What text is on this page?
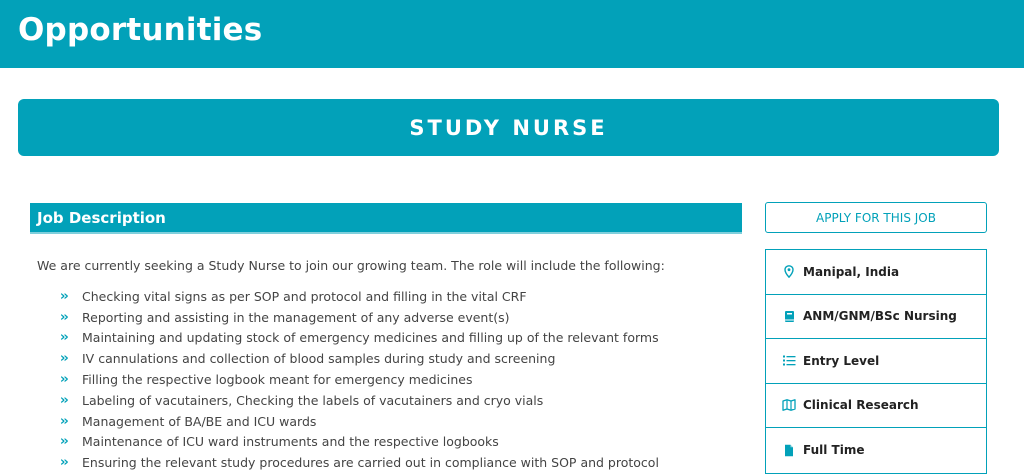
Opportunities
STUDY NURSE
Job Description
We are currently seeking a Study Nurse to join our growing team. The role will include the following:
››	Checking vital signs as per SOP and protocol and filling in the vital CRF
››	Reporting and assisting in the management of any adverse event(s)
››	Maintaining and updating stock of emergency medicines and filling up of the relevant forms
››	IV cannulations and collection of blood samples during study and screening
››	Filling the respective logbook meant for emergency medicines
››	Labeling of vacutainers, Checking the labels of vacutainers and cryo vials
››	Management of BA/BE and ICU wards
››	Maintenance of ICU ward instruments and the respective logbooks
››	Ensuring the relevant study procedures are carried out in compliance with SOP and protocol
APPLY FOR THIS JOB
Manipal, India
ANM/GNM/BSc Nursing
Entry Level
Clinical Research
Full Time
